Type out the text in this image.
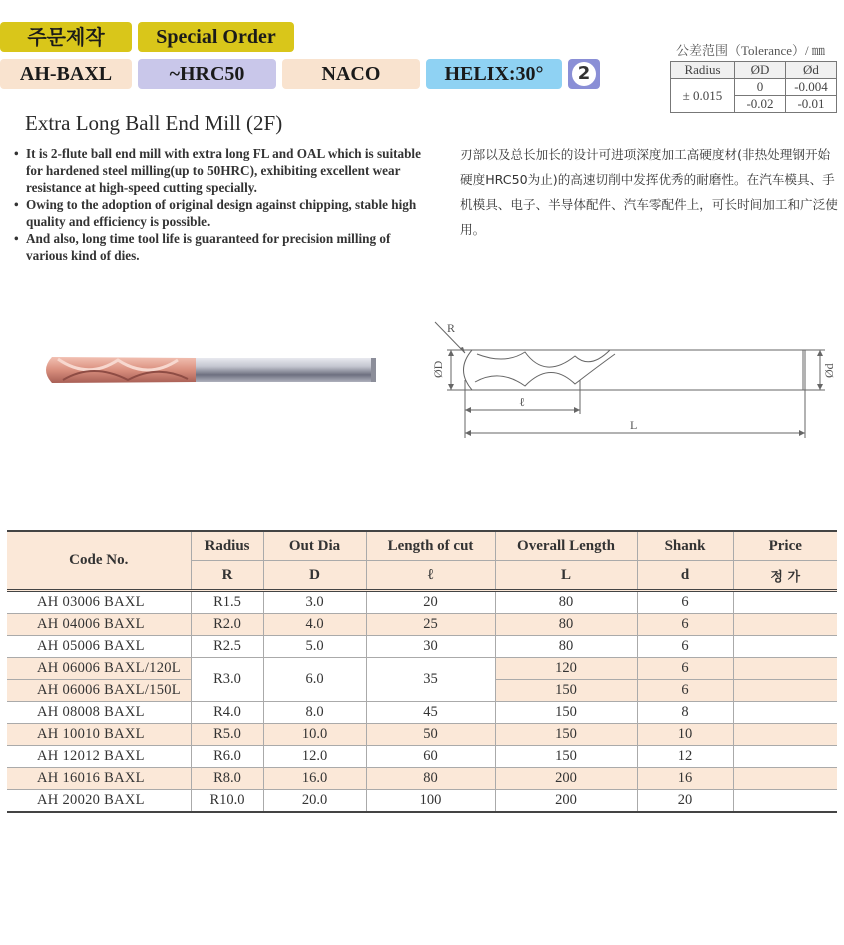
주문제작	Special Order
AH-BAXL	~HRC50	NACO	HELIX:30°	2
公差范围（Tolerance）/ ㎜
Radius	ØD	Ød
± 0.015	0	-0.004
	-0.02	-0.01
Extra Long Ball End Mill (2F)
• It is 2-flute ball end mill with extra long FL and OAL which is suitable for hardened steel milling(up to 50HRC), exhibiting excellent wear resistance at high-speed cutting specially.
• Owing to the adoption of original design against chipping, stable high quality and efficiency is possible.
• And also, long time tool life is guaranteed for precision milling of various kind of dies.
刃部以及总长加长的设计可进项深度加工高硬度材(非热处理钢开始硬度HRC50为止)的高速切削中发挥优秀的耐磨性。在汽车模具、手机模具、电子、半导体配件、汽车零配件上，可长时间加工和广泛使用。
R
ØD	Ød
ℓ
L
Code No.	Radius	Out Dia	Length of cut	Overall Length	Shank	Price
	R	D	ℓ	L	d	정 가
AH 03006 BAXL	R1.5	3.0	20	80	6	
AH 04006 BAXL	R2.0	4.0	25	80	6	
AH 05006 BAXL	R2.5	5.0	30	80	6	
AH 06006 BAXL/120L	R3.0	6.0	35	120	6	
AH 06006 BAXL/150L				150	6	
AH 08008 BAXL	R4.0	8.0	45	150	8	
AH 10010 BAXL	R5.0	10.0	50	150	10	
AH 12012 BAXL	R6.0	12.0	60	150	12	
AH 16016 BAXL	R8.0	16.0	80	200	16	
AH 20020 BAXL	R10.0	20.0	100	200	20	
